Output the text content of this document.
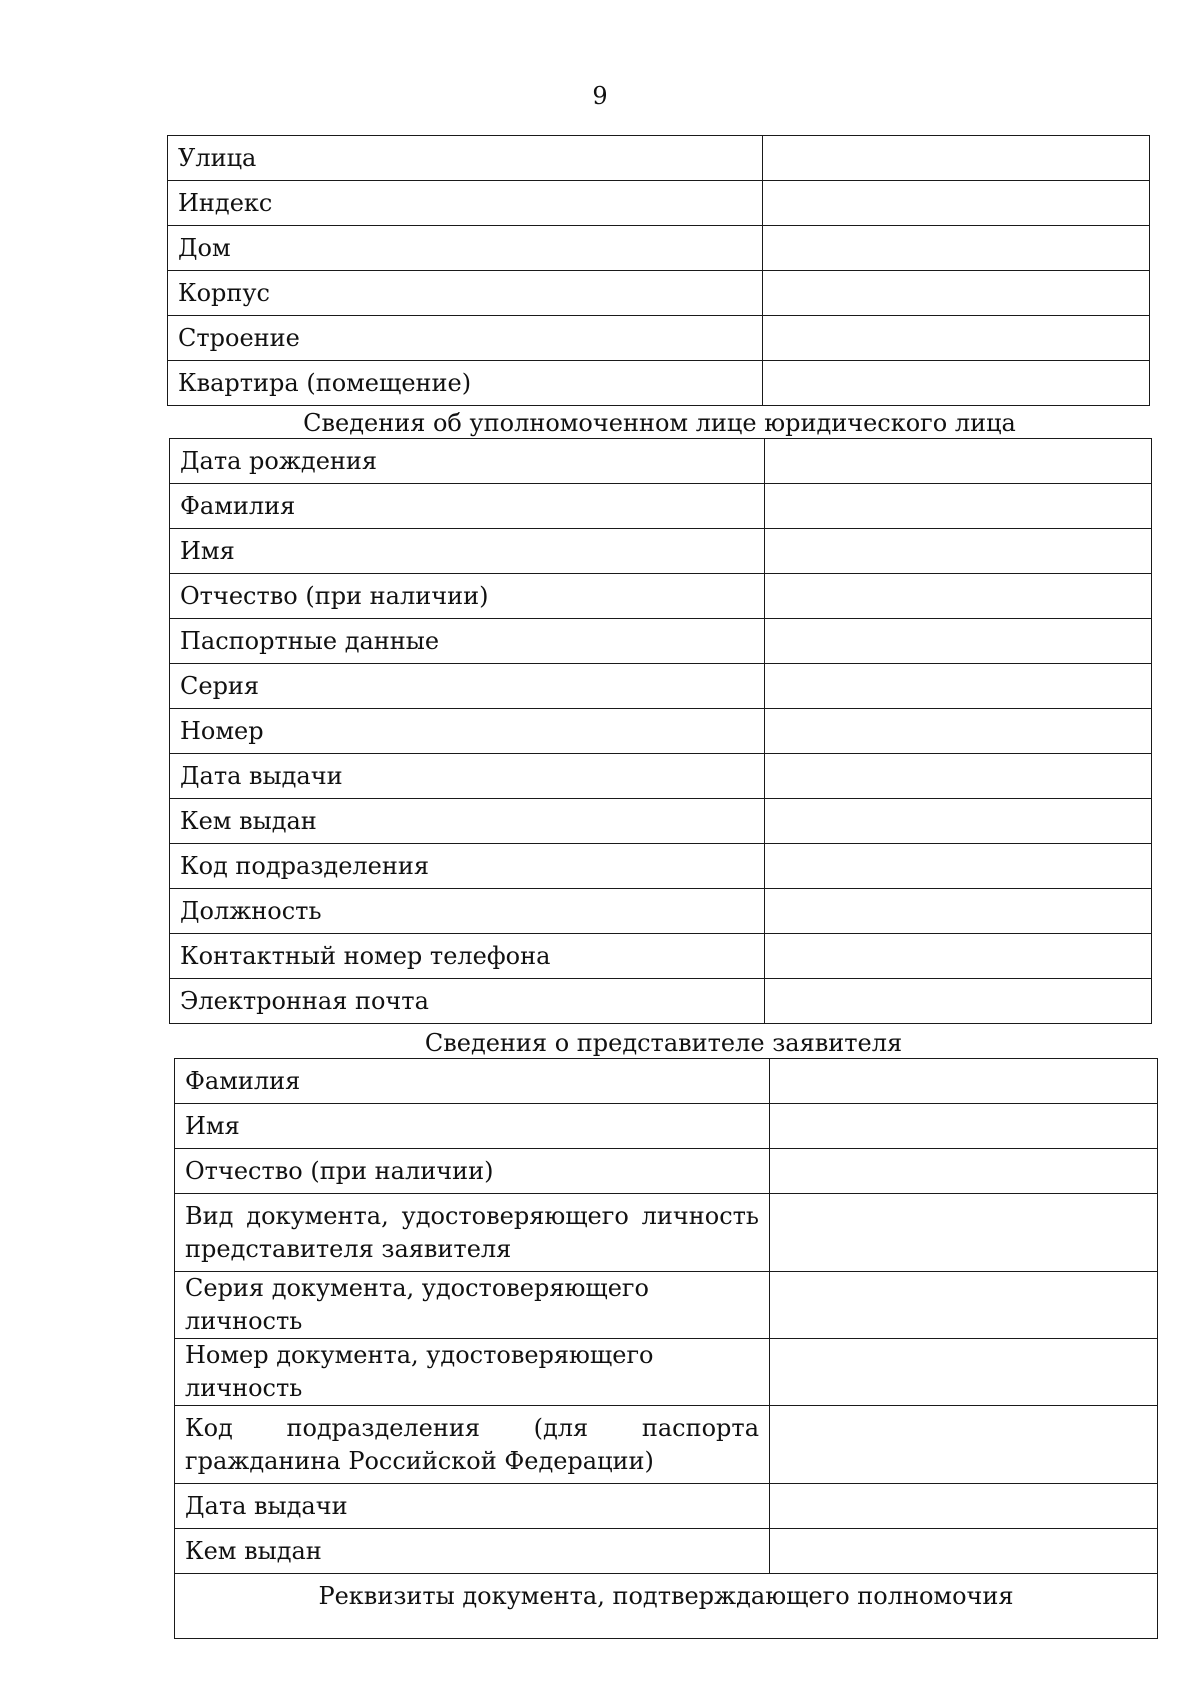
9
Улица	
Индекс	
Дом	
Корпус	
Строение	
Квартира (помещение)	
Сведения об уполномоченном лице юридического лица
Дата рождения	
Фамилия	
Имя	
Отчество (при наличии)	
Паспортные данные	
Серия	
Номер	
Дата выдачи	
Кем выдан	
Код подразделения	
Должность	
Контактный номер телефона	
Электронная почта	
Сведения о представителе заявителя
Фамилия	
Имя	
Отчество (при наличии)	
Вид документа, удостоверяющего личность представителя заявителя	
Серия документа, удостоверяющего личность	
Номер документа, удостоверяющего личность	
Код подразделения (для паспорта гражданина Российской Федерации)	
Дата выдачи	
Кем выдан	
Реквизиты документа, подтверждающего полномочия	
